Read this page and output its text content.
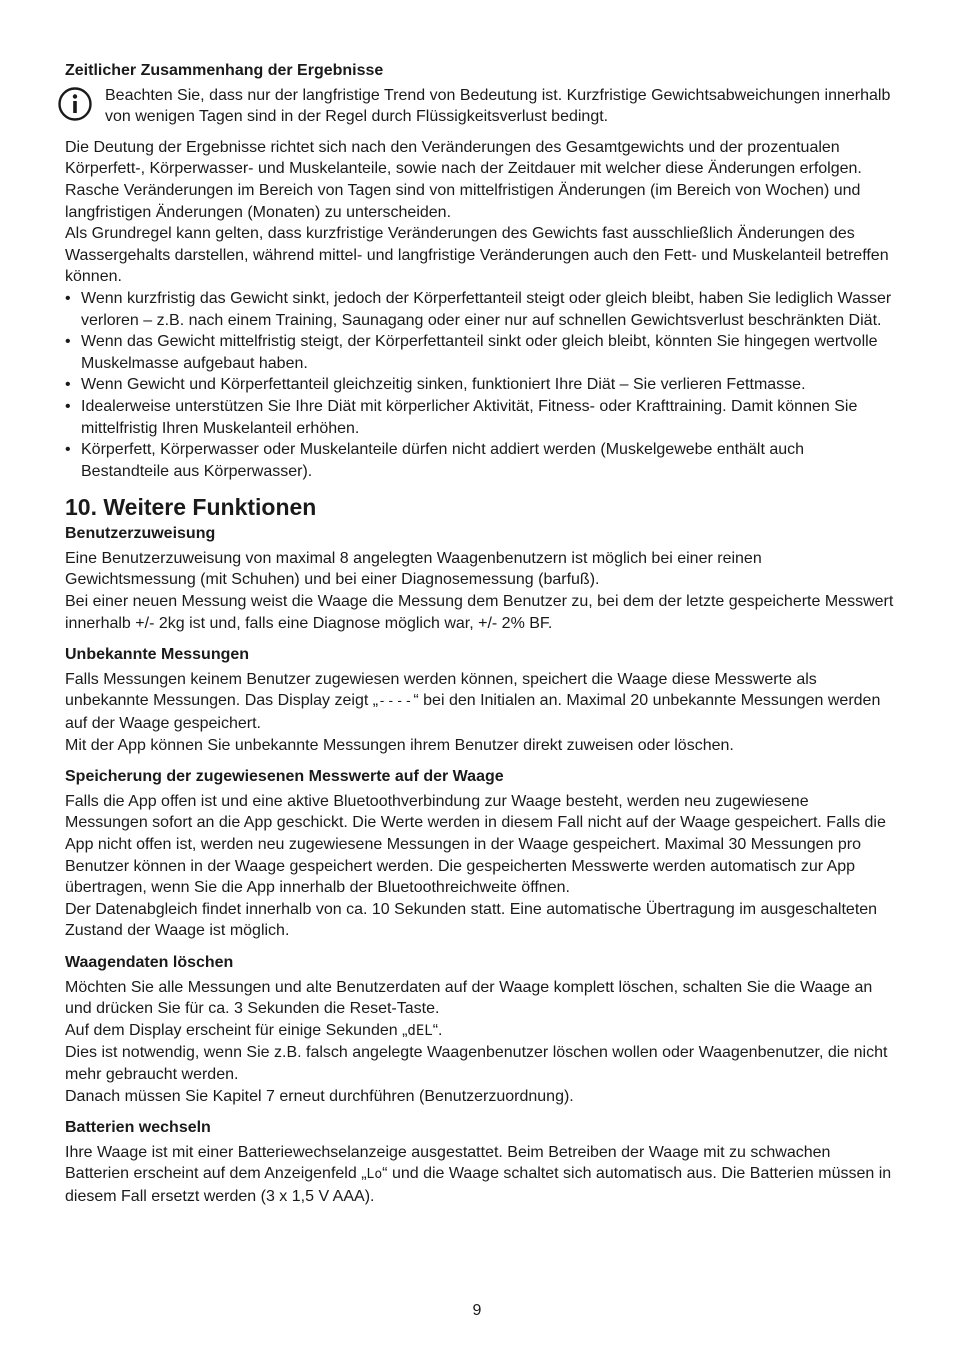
Zeitlicher Zusammenhang der Ergebnisse

Beachten Sie, dass nur der langfristige Trend von Bedeutung ist. Kurzfristige Gewichtsabweichungen innerhalb von wenigen Tagen sind in der Regel durch Flüssigkeitsverlust bedingt.

Die Deutung der Ergebnisse richtet sich nach den Veränderungen des Gesamtgewichts und der prozentualen Körperfett-, Körperwasser- und Muskelanteile, sowie nach der Zeitdauer mit welcher diese Änderungen erfolgen. Rasche Veränderungen im Bereich von Tagen sind von mittelfristigen Änderungen (im Bereich von Wochen) und langfristigen Änderungen (Monaten) zu unterscheiden.

Als Grundregel kann gelten, dass kurzfristige Veränderungen des Gewichts fast ausschließlich Änderungen des Wassergehalts darstellen, während mittel- und langfristige Veränderungen auch den Fett- und Muskelanteil betreffen können.

• Wenn kurzfristig das Gewicht sinkt, jedoch der Körperfettanteil steigt oder gleich bleibt, haben Sie lediglich Wasser verloren – z.B. nach einem Training, Saunagang oder einer nur auf schnellen Gewichtsverlust beschränkten Diät.
• Wenn das Gewicht mittelfristig steigt, der Körperfettanteil sinkt oder gleich bleibt, könnten Sie hingegen wertvolle Muskelmasse aufgebaut haben.
• Wenn Gewicht und Körperfettanteil gleichzeitig sinken, funktioniert Ihre Diät – Sie verlieren Fettmasse.
• Idealerweise unterstützen Sie Ihre Diät mit körperlicher Aktivität, Fitness- oder Krafttraining. Damit können Sie mittelfristig Ihren Muskelanteil erhöhen.
• Körperfett, Körperwasser oder Muskelanteile dürfen nicht addiert werden (Muskelgewebe enthält auch Bestandteile aus Körperwasser).
10. Weitere Funktionen
Benutzerzuweisung

Eine Benutzerzuweisung von maximal 8 angelegten Waagenbenutzern ist möglich bei einer reinen Gewichtsmessung (mit Schuhen) und bei einer Diagnosemessung (barfuß).

Bei einer neuen Messung weist die Waage die Messung dem Benutzer zu, bei dem der letzte gespeicherte Messwert innerhalb +/- 2kg ist und, falls eine Diagnose möglich war, +/- 2% BF.

Unbekannte Messungen

Falls Messungen keinem Benutzer zugewiesen werden können, speichert die Waage diese Messwerte als unbekannte Messungen. Das Display zeigt „----“ bei den Initialen an. Maximal 20 unbekannte Messungen werden auf der Waage gespeichert.

Mit der App können Sie unbekannte Messungen ihrem Benutzer direkt zuweisen oder löschen.

Speicherung der zugewiesenen Messwerte auf der Waage

Falls die App offen ist und eine aktive Bluetoothverbindung zur Waage besteht, werden neu zugewiesene Messungen sofort an die App geschickt. Die Werte werden in diesem Fall nicht auf der Waage gespeichert. Falls die App nicht offen ist, werden neu zugewiesene Messungen in der Waage gespeichert. Maximal 30 Messungen pro Benutzer können in der Waage gespeichert werden. Die gespeicherten Messwerte werden automatisch zur App übertragen, wenn Sie die App innerhalb der Bluetoothreichweite öffnen.

Der Datenabgleich findet innerhalb von ca. 10 Sekunden statt. Eine automatische Übertragung im ausgeschalteten Zustand der Waage ist möglich.

Waagendaten löschen

Möchten Sie alle Messungen und alte Benutzerdaten auf der Waage komplett löschen, schalten Sie die Waage an und drücken Sie für ca. 3 Sekunden die Reset-Taste.

Auf dem Display erscheint für einige Sekunden „dEL“.

Dies ist notwendig, wenn Sie z.B. falsch angelegte Waagenbenutzer löschen wollen oder Waagenbenutzer, die nicht mehr gebraucht werden.

Danach müssen Sie Kapitel 7 erneut durchführen (Benutzerzuordnung).

Batterien wechseln

Ihre Waage ist mit einer Batteriewechselanzeige ausgestattet. Beim Betreiben der Waage mit zu schwachen Batterien erscheint auf dem Anzeigenfeld „Lo“ und die Waage schaltet sich automatisch aus. Die Batterien müssen in diesem Fall ersetzt werden (3 x 1,5 V AAA).

9
